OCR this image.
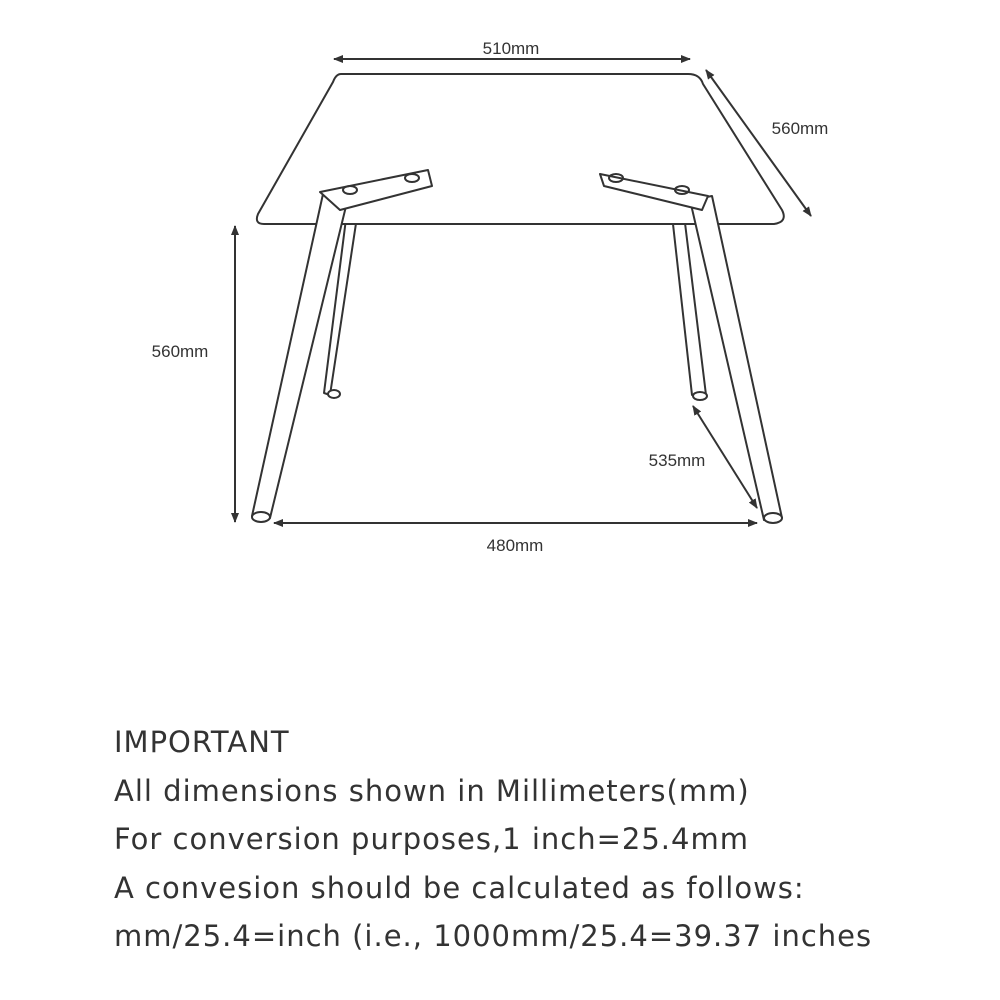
510mm
560mm
560mm
535mm
480mm
IMPORTANT
All dimensions shown in Millimeters(mm)
For conversion purposes,1 inch=25.4mm
A convesion should be calculated as follows:
mm/25.4=inch (i.e., 1000mm/25.4=39.37 inches
